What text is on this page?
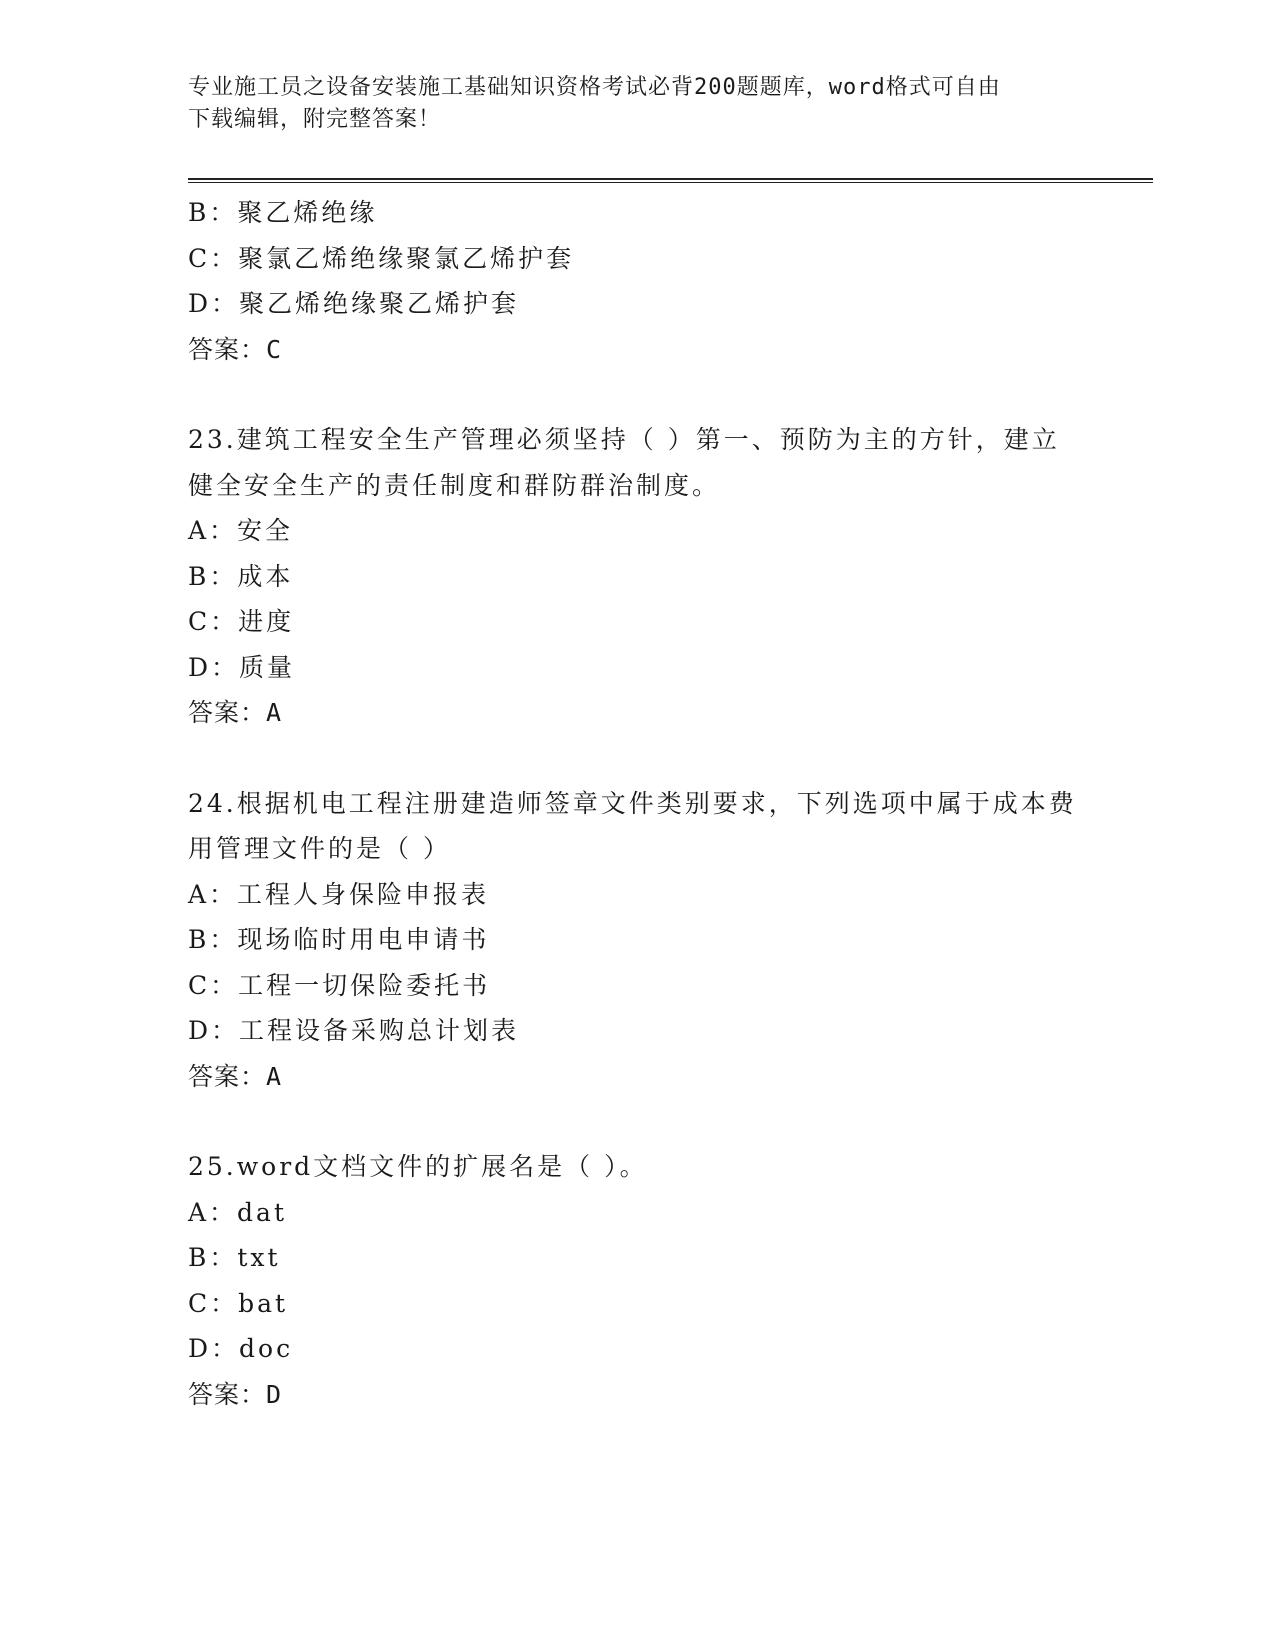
专业施工员之设备安装施工基础知识资格考试必背200题题库，word格式可自由
下载编辑，附完整答案！
B：聚乙烯绝缘
C：聚氯乙烯绝缘聚氯乙烯护套
D：聚乙烯绝缘聚乙烯护套
答案：C
23.建筑工程安全生产管理必须坚持（ ）第一、预防为主的方针，建立健全安全生产的责任制度和群防群治制度。
A：安全
B：成本
C：进度
D：质量
答案：A
24.根据机电工程注册建造师签章文件类别要求，下列选项中属于成本费用管理文件的是（ ）
A：工程人身保险申报表
B：现场临时用电申请书
C：工程一切保险委托书
D：工程设备采购总计划表
答案：A
25.word文档文件的扩展名是（ ）。
A：dat
B：txt
C：bat
D：doc
答案：D
